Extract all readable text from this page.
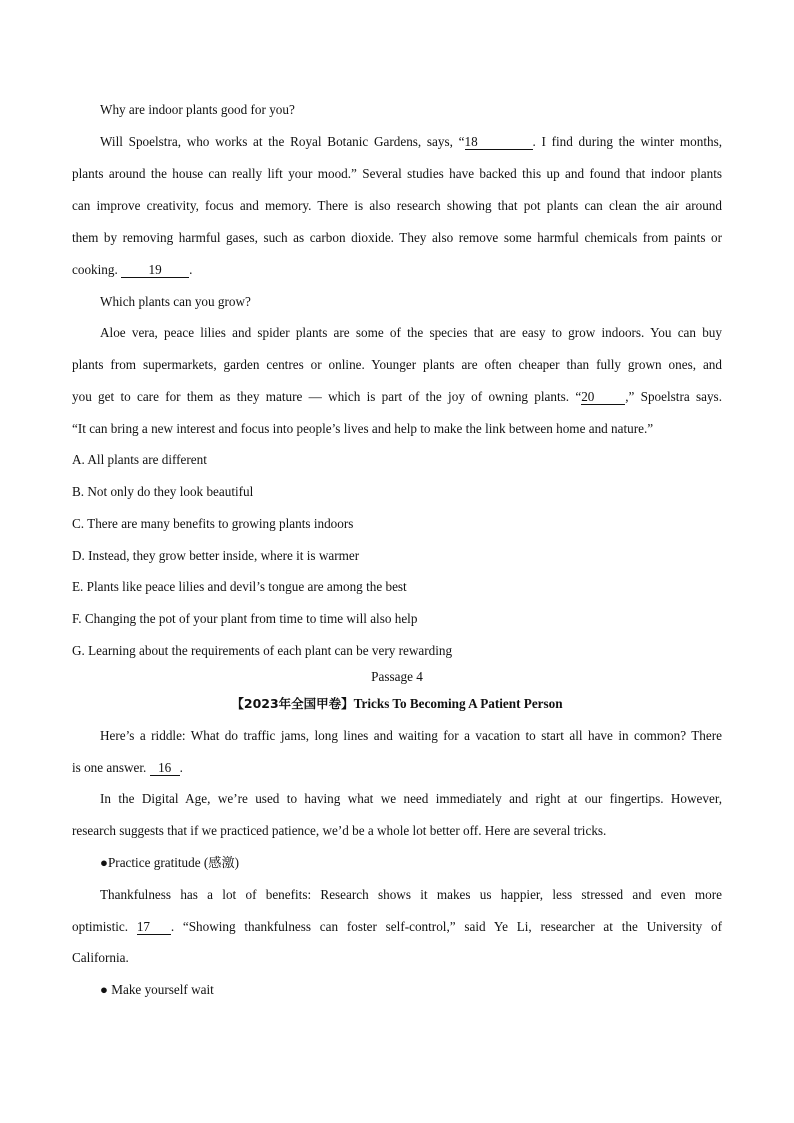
Why are indoor plants good for you?
Will Spoelstra, who works at the Royal Botanic Gardens, says, “18	. I find during the winter months,
plants around the house can really lift your mood.” Several studies have backed this up and found that indoor plants
can improve creativity, focus and memory. There is also research showing that pot plants can clean the air around
them by removing harmful gases, such as carbon dioxide. They also remove some harmful chemicals from paints or
cooking. 19 .
Which plants can you grow?
Aloe vera, peace lilies and spider plants are some of the species that are easy to grow indoors. You can buy
plants from supermarkets, garden centres or online. Younger plants are often cheaper than fully grown ones, and
you get to care for them as they mature — which is part of the joy of owning plants. “20 ,” Spoelstra says.
“It can bring a new interest and focus into people’s lives and help to make the link between home and nature.”
A. All plants are different
B. Not only do they look beautiful
C. There are many benefits to growing plants indoors
D. Instead, they grow better inside, where it is warmer
E. Plants like peace lilies and devil’s tongue are among the best
F. Changing the pot of your plant from time to time will also help
G. Learning about the requirements of each plant can be very rewarding
Passage 4
【2023年全国甲卷】Tricks To Becoming A Patient Person
Here’s a riddle: What do traffic jams, long lines and waiting for a vacation to start all have in common? There
is one answer. 16 .
In the Digital Age, we’re used to having what we need immediately and right at our fingertips. However,
research suggests that if we practiced patience, we’d be a whole lot better off. Here are several tricks.
●Practice gratitude (感激)
Thankfulness has a lot of benefits: Research shows it makes us happier, less stressed and even more
optimistic. 17 . “Showing thankfulness can foster self-control,” said Ye Li, researcher at the University of
California.
● Make yourself wait
